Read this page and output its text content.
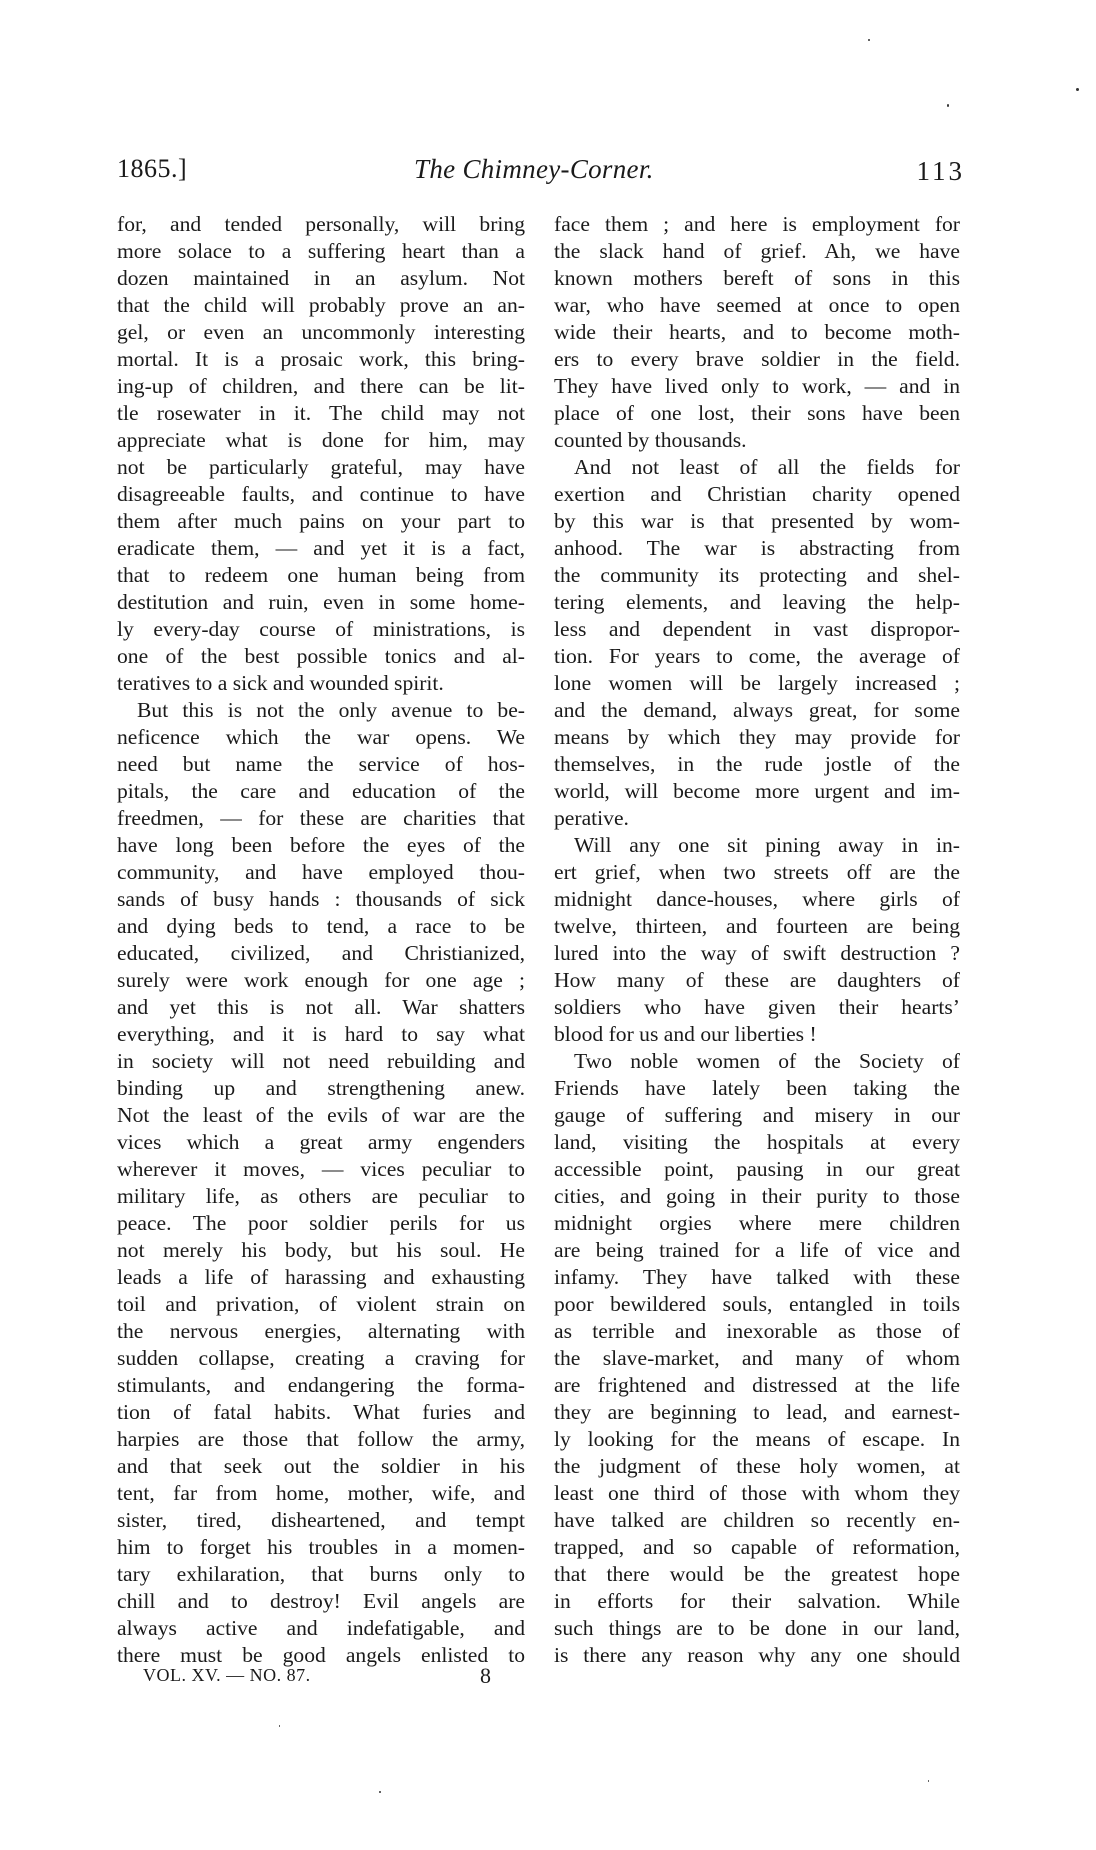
1865.]	The Chimney-Corner.	113
for, and tended personally, will bring
more solace to a suffering heart than a
dozen maintained in an asylum. Not
that the child will probably prove an an-
gel, or even an uncommonly interesting
mortal. It is a prosaic work, this bring-
ing-up of children, and there can be lit-
tle rosewater in it. The child may not
appreciate what is done for him, may
not be particularly grateful, may have
disagreeable faults, and continue to have
them after much pains on your part to
eradicate them, — and yet it is a fact,
that to redeem one human being from
destitution and ruin, even in some home-
ly every-day course of ministrations, is
one of the best possible tonics and al-
teratives to a sick and wounded spirit.
But this is not the only avenue to be-
neficence which the war opens. We
need but name the service of hos-
pitals, the care and education of the
freedmen, — for these are charities that
have long been before the eyes of the
community, and have employed thou-
sands of busy hands : thousands of sick
and dying beds to tend, a race to be
educated, civilized, and Christianized,
surely were work enough for one age ;
and yet this is not all. War shatters
everything, and it is hard to say what
in society will not need rebuilding and
binding up and strengthening anew.
Not the least of the evils of war are the
vices which a great army engenders
wherever it moves, — vices peculiar to
military life, as others are peculiar to
peace. The poor soldier perils for us
not merely his body, but his soul. He
leads a life of harassing and exhausting
toil and privation, of violent strain on
the nervous energies, alternating with
sudden collapse, creating a craving for
stimulants, and endangering the forma-
tion of fatal habits. What furies and
harpies are those that follow the army,
and that seek out the soldier in his
tent, far from home, mother, wife, and
sister, tired, disheartened, and tempt
him to forget his troubles in a momen-
tary exhilaration, that burns only to
chill and to destroy! Evil angels are
always active and indefatigable, and
there must be good angels enlisted to
face them ; and here is employment for
the slack hand of grief. Ah, we have
known mothers bereft of sons in this
war, who have seemed at once to open
wide their hearts, and to become moth-
ers to every brave soldier in the field.
They have lived only to work, — and in
place of one lost, their sons have been
counted by thousands.
And not least of all the fields for
exertion and Christian charity opened
by this war is that presented by wom-
anhood. The war is abstracting from
the community its protecting and shel-
tering elements, and leaving the help-
less and dependent in vast dispropor-
tion. For years to come, the average of
lone women will be largely increased ;
and the demand, always great, for some
means by which they may provide for
themselves, in the rude jostle of the
world, will become more urgent and im-
perative.
Will any one sit pining away in in-
ert grief, when two streets off are the
midnight dance-houses, where girls of
twelve, thirteen, and fourteen are being
lured into the way of swift destruction ?
How many of these are daughters of
soldiers who have given their hearts’
blood for us and our liberties !
Two noble women of the Society of
Friends have lately been taking the
gauge of suffering and misery in our
land, visiting the hospitals at every
accessible point, pausing in our great
cities, and going in their purity to those
midnight orgies where mere children
are being trained for a life of vice and
infamy. They have talked with these
poor bewildered souls, entangled in toils
as terrible and inexorable as those of
the slave-market, and many of whom
are frightened and distressed at the life
they are beginning to lead, and earnest-
ly looking for the means of escape. In
the judgment of these holy women, at
least one third of those with whom they
have talked are children so recently en-
trapped, and so capable of reformation,
that there would be the greatest hope
in efforts for their salvation. While
such things are to be done in our land,
is there any reason why any one should
VOL. XV. — NO. 87.	8
